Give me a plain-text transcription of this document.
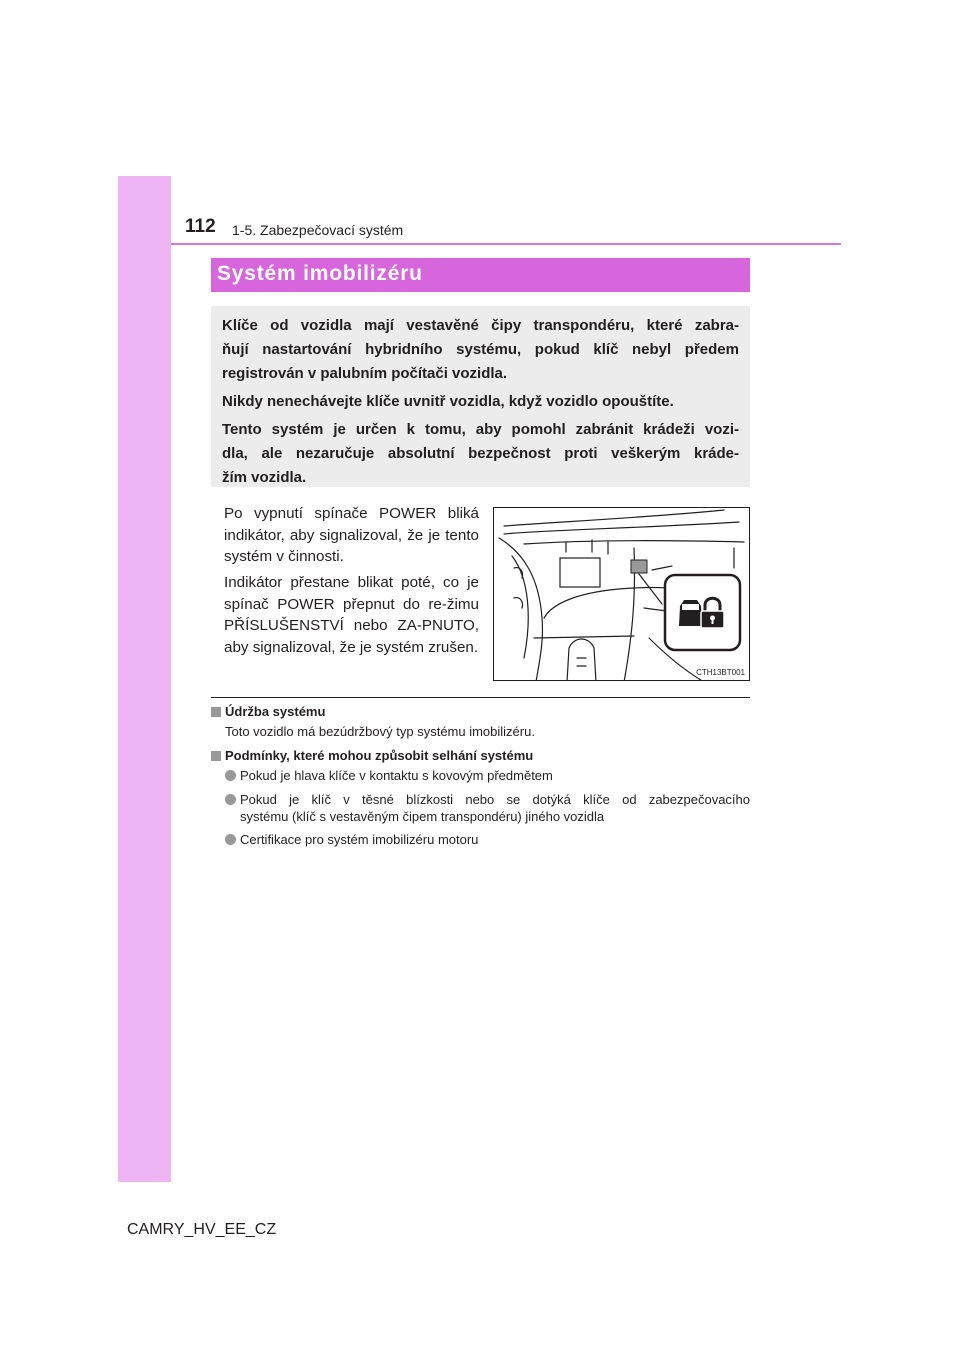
112 1-5. Zabezpečovací systém
Systém imobilizéru

Klíče od vozidla mají vestavěné čipy transpondéru, které zabra-

ňují nastartování hybridního systému, pokud klíč nebyl předem

registrován v palubním počítači vozidla.

Nikdy nenechávejte klíče uvnitř vozidla, když vozidlo opouštíte.

Tento systém je určen k tomu, aby pomohl zabránit krádeži vozi-

dla, ale nezaručuje absolutní bezpečnost proti veškerým kráde-

žím vozidla.

Po vypnutí spínače POWER bliká indikátor, aby signalizoval, že je tento systém v činnosti.

Indikátor přestane blikat poté, co je spínač POWER přepnut do re-žimu PŘÍSLUŠENSTVÍ nebo ZA-PNUTO, aby signalizoval, že je systém zrušen.

CTH13BT001
Údržba systému
Toto vozidlo má bezúdržbový typ systému imobilizéru.
Podmínky, které mohou způsobit selhání systému
Pokud je hlava klíče v kontaktu s kovovým předmětem
Pokud je klíč v těsné blízkosti nebo se dotýká klíče od zabezpečovacího
systému (klíč s vestavěným čipem transpondéru) jiného vozidla
Certifikace pro systém imobilizéru motoru
CAMRY_HV_EE_CZ
